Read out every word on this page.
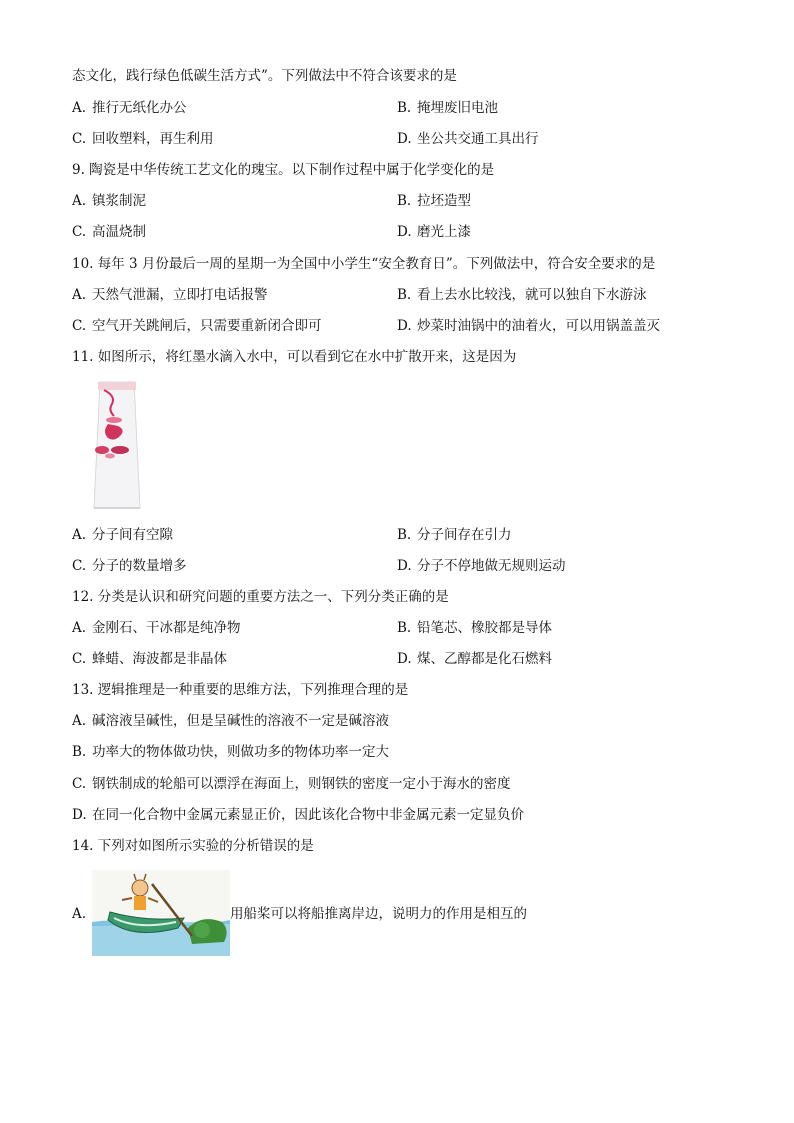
态文化，践行绿色低碳生活方式”。下列做法中不符合该要求的是
A. 推行无纸化办公	B. 掩埋废旧电池
C. 回收塑料，再生利用	D. 坐公共交通工具出行
9. 陶瓷是中华传统工艺文化的瑰宝。以下制作过程中属于化学变化的是
A. 镇浆制泥	B. 拉坯造型
C. 高温烧制	D. 磨光上漆
10. 每年 3 月份最后一周的星期一为全国中小学生“安全教育日”。下列做法中，符合安全要求的是
A. 天然气泄漏，立即打电话报警	B. 看上去水比较浅，就可以独自下水游泳
C. 空气开关跳闸后，只需要重新闭合即可	D. 炒菜时油锅中的油着火，可以用锅盖盖灭
11. 如图所示，将红墨水滴入水中，可以看到它在水中扩散开来，这是因为
A. 分子间有空隙	B. 分子间存在引力
C. 分子的数量增多	D. 分子不停地做无规则运动
12. 分类是认识和研究问题的重要方法之一、下列分类正确的是
A. 金刚石、干冰都是纯净物	B. 铅笔芯、橡胶都是导体
C. 蜂蜡、海波都是非晶体	D. 煤、乙醇都是化石燃料
13. 逻辑推理是一种重要的思维方法，下列推理合理的是
A. 碱溶液呈碱性，但是呈碱性的溶液不一定是碱溶液
B. 功率大的物体做功快，则做功多的物体功率一定大
C. 钢铁制成的轮船可以漂浮在海面上，则钢铁的密度一定小于海水的密度
D. 在同一化合物中金属元素显正价，因此该化合物中非金属元素一定显负价
14. 下列对如图所示实验的分析错误的是
A.	用船桨可以将船推离岸边，说明力的作用是相互的
